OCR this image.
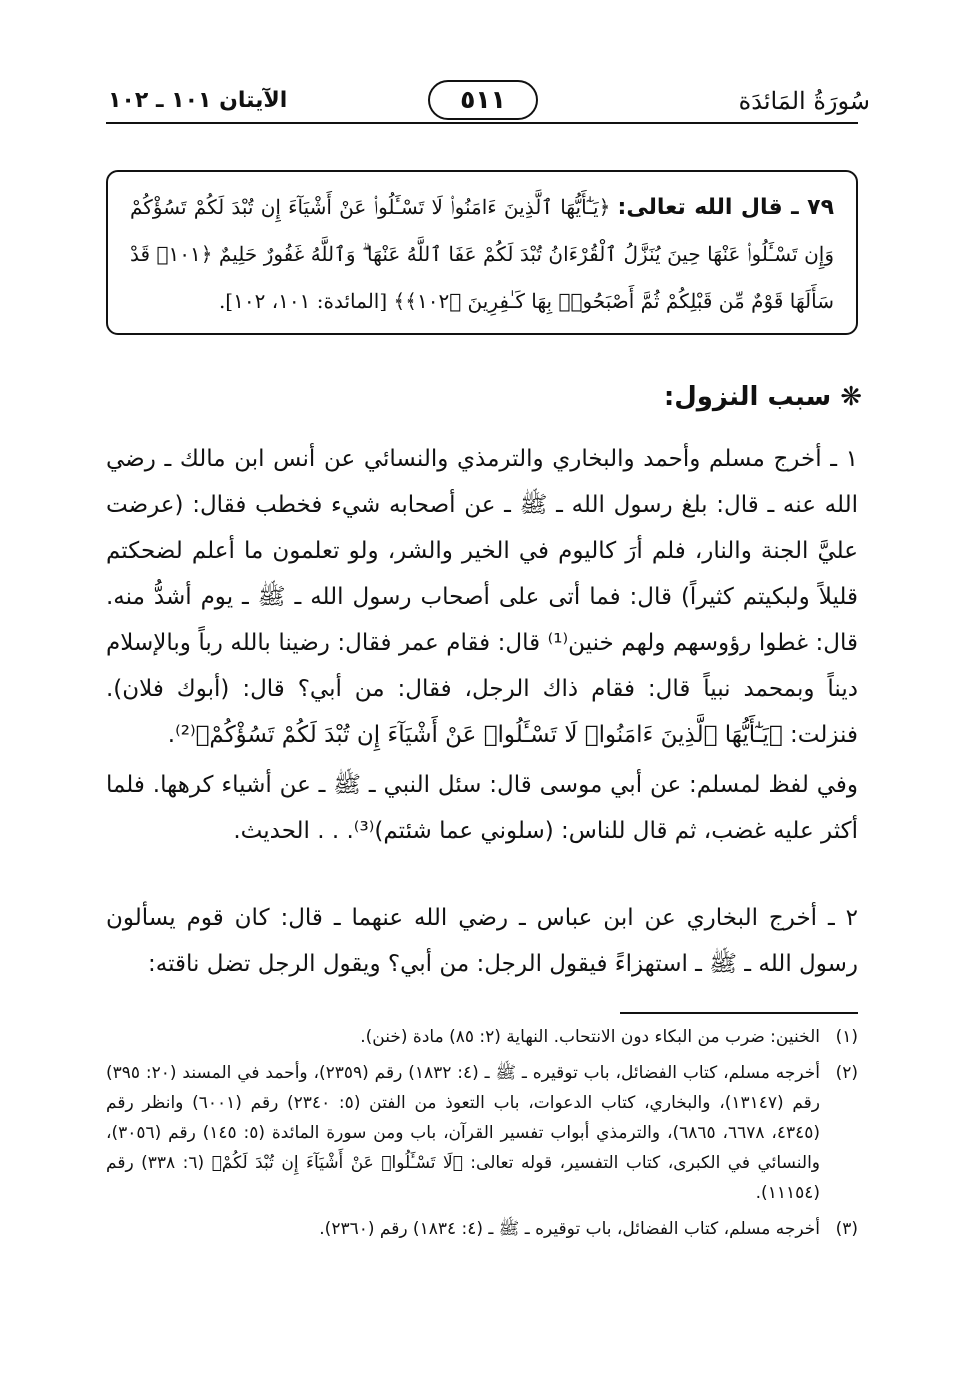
سُورَةُ المَائدَة
٥١١
الآيتان ١٠١ ـ ١٠٢
٧٩ ـ قال الله تعالى: ﴿يَـٰٓأَيُّهَا ٱلَّذِينَ ءَامَنُوا۟ لَا تَسْـَٔلُوا۟ عَنْ أَشْيَآءَ إِن تُبْدَ لَكُمْ تَسُؤْكُمْ وَإِن تَسْـَٔلُوا۟ عَنْهَا حِينَ يُنَزَّلُ ٱلْقُرْءَانُ تُبْدَ لَكُمْ عَفَا ٱللَّهُ عَنْهَا ۗ وَٱللَّهُ غَفُورٌ حَلِيمٌ ﴿١٠١﴾ قَدْ سَأَلَهَا قَوْمٌ مِّن قَبْلِكُمْ ثُمَّ أَصْبَحُوا۟ بِهَا كَـٰفِرِينَ ﴿١٠٢﴾﴾ [المائدة: ١٠١، ١٠٢].
❋ سبب النزول:
١ ـ أخرج مسلم وأحمد والبخاري والترمذي والنسائي عن أنس ابن مالك ـ رضي الله عنه ـ قال: بلغ رسول الله ـ ﷺ ـ عن أصحابه شيء فخطب فقال: (عرضت عليَّ الجنة والنار، فلم أرَ كاليوم في الخير والشر، ولو تعلمون ما أعلم لضحكتم قليلاً ولبكيتم كثيراً) قال: فما أتى على أصحاب رسول الله ـ ﷺ ـ يوم أشدُّ منه. قال: غطوا رؤوسهم ولهم خنين⁽¹⁾ قال: فقام عمر فقال: رضينا بالله رباً وبالإسلام ديناً وبمحمد نبياً قال: فقام ذاك الرجل، فقال: من أبي؟ قال: (أبوك فلان). فنزلت: ﴿يَـٰٓأَيُّهَا ٱلَّذِينَ ءَامَنُوا۟ لَا تَسْـَٔلُوا۟ عَنْ أَشْيَآءَ إِن تُبْدَ لَكُمْ تَسُؤْكُمْ﴾⁽²⁾.
وفي لفظ لمسلم: عن أبي موسى قال: سئل النبي ـ ﷺ ـ عن أشياء كرهها. فلما أكثر عليه غضب، ثم قال للناس: (سلوني عما شئتم)⁽³⁾. . . الحديث.
٢ ـ أخرج البخاري عن ابن عباس ـ رضي الله عنهما ـ قال: كان قوم يسألون رسول الله ـ ﷺ ـ استهزاءً فيقول الرجل: من أبي؟ ويقول الرجل تضل ناقته:
(١)
الخنين: ضرب من البكاء دون الانتحاب. النهاية (٢: ٨٥) مادة (خنن).
(٢)
أخرجه مسلم، كتاب الفضائل، باب توقيره ـ ﷺ ـ (٤: ١٨٣٢) رقم (٢٣٥٩)، وأحمد في المسند (٢٠: ٣٩٥) رقم (١٣١٤٧)، والبخاري، كتاب الدعوات، باب التعوذ من الفتن (٥: ٢٣٤٠) رقم (٦٠٠١) وانظر رقم (٤٣٤٥، ٦٦٧٨، ٦٨٦٥)، والترمذي أبواب تفسير القرآن، باب ومن سورة المائدة (٥: ١٤٥) رقم (٣٠٥٦)، والنسائي في الكبرى، كتاب التفسير، قوله تعالى: ﴿لَا تَسْـَٔلُوا۟ عَنْ أَشْيَآءَ إِن تُبْدَ لَكُمْ﴾ (٦: ٣٣٨) رقم (١١١٥٤).
(٣)
أخرجه مسلم، كتاب الفضائل، باب توقيره ـ ﷺ ـ (٤: ١٨٣٤) رقم (٢٣٦٠).
